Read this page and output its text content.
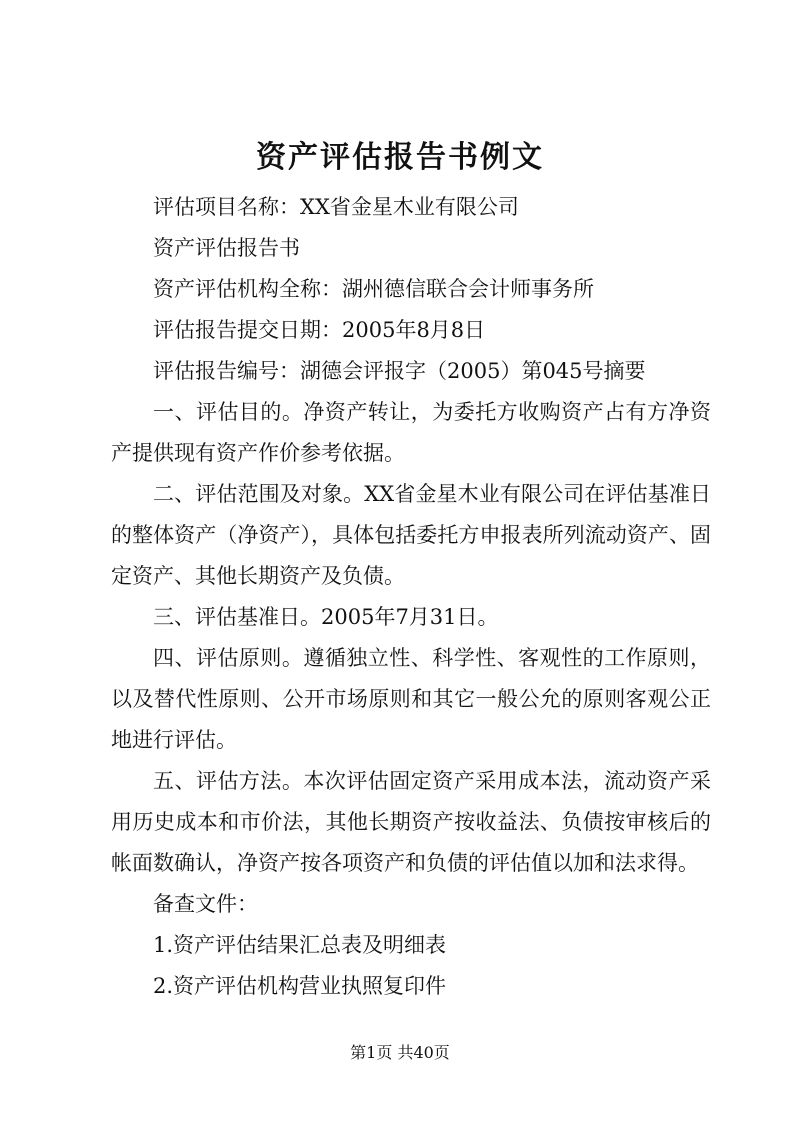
资产评估报告书例文

评估项目名称：XX省金星木业有限公司

资产评估报告书

资产评估机构全称：湖州德信联合会计师事务所

评估报告提交日期：2005年8月8日

评估报告编号：湖德会评报字（2005）第045号摘要

一、评估目的。净资产转让，为委托方收购资产占有方净资产提供现有资产作价参考依据。

二、评估范围及对象。XX省金星木业有限公司在评估基准日的整体资产（净资产），具体包括委托方申报表所列流动资产、固定资产、其他长期资产及负债。

三、评估基准日。2005年7月31日。

四、评估原则。遵循独立性、科学性、客观性的工作原则，以及替代性原则、公开市场原则和其它一般公允的原则客观公正地进行评估。

五、评估方法。本次评估固定资产采用成本法，流动资产采用历史成本和市价法，其他长期资产按收益法、负债按审核后的帐面数确认，净资产按各项资产和负债的评估值以加和法求得。

备查文件：

1.资产评估结果汇总表及明细表

2.资产评估机构营业执照复印件

第1页 共40页
